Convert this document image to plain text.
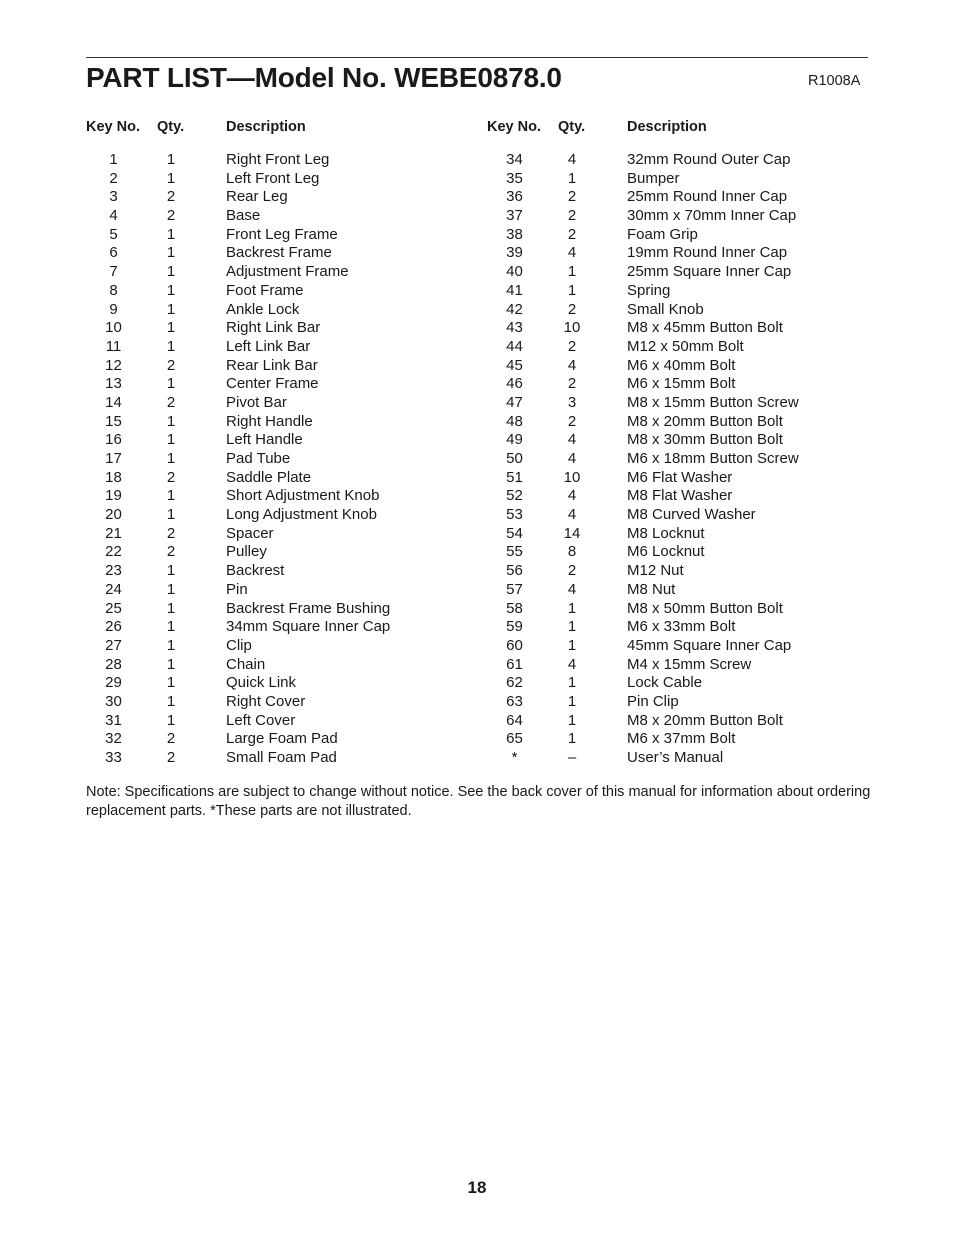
PART LIST—Model No. WEBE0878.0	R1008A
Key No. Qty.	Description
1	1	Right Front Leg
2	1	Left Front Leg
3	2	Rear Leg
4	2	Base
5	1	Front Leg Frame
6	1	Backrest Frame
7	1	Adjustment Frame
8	1	Foot Frame
9	1	Ankle Lock
10	1	Right Link Bar
11	1	Left Link Bar
12	2	Rear Link Bar
13	1	Center Frame
14	2	Pivot Bar
15	1	Right Handle
16	1	Left Handle
17	1	Pad Tube
18	2	Saddle Plate
19	1	Short Adjustment Knob
20	1	Long Adjustment Knob
21	2	Spacer
22	2	Pulley
23	1	Backrest
24	1	Pin
25	1	Backrest Frame Bushing
26	1	34mm Square Inner Cap
27	1	Clip
28	1	Chain
29	1	Quick Link
30	1	Right Cover
31	1	Left Cover
32	2	Large Foam Pad
33	2	Small Foam Pad
Key No. Qty.	Description
34	4	32mm Round Outer Cap
35	1	Bumper
36	2	25mm Round Inner Cap
37	2	30mm x 70mm Inner Cap
38	2	Foam Grip
39	4	19mm Round Inner Cap
40	1	25mm Square Inner Cap
41	1	Spring
42	2	Small Knob
43	10	M8 x 45mm Button Bolt
44	2	M12 x 50mm Bolt
45	4	M6 x 40mm Bolt
46	2	M6 x 15mm Bolt
47	3	M8 x 15mm Button Screw
48	2	M8 x 20mm Button Bolt
49	4	M8 x 30mm Button Bolt
50	4	M6 x 18mm Button Screw
51	10	M6 Flat Washer
52	4	M8 Flat Washer
53	4	M8 Curved Washer
54	14	M8 Locknut
55	8	M6 Locknut
56	2	M12 Nut
57	4	M8 Nut
58	1	M8 x 50mm Button Bolt
59	1	M6 x 33mm Bolt
60	1	45mm Square Inner Cap
61	4	M4 x 15mm Screw
62	1	Lock Cable
63	1	Pin Clip
64	1	M8 x 20mm Button Bolt
65	1	M6 x 37mm Bolt
*	–	User’s Manual
Note: Specifications are subject to change without notice. See the back cover of this manual for information about ordering replacement parts. *These parts are not illustrated.
18
